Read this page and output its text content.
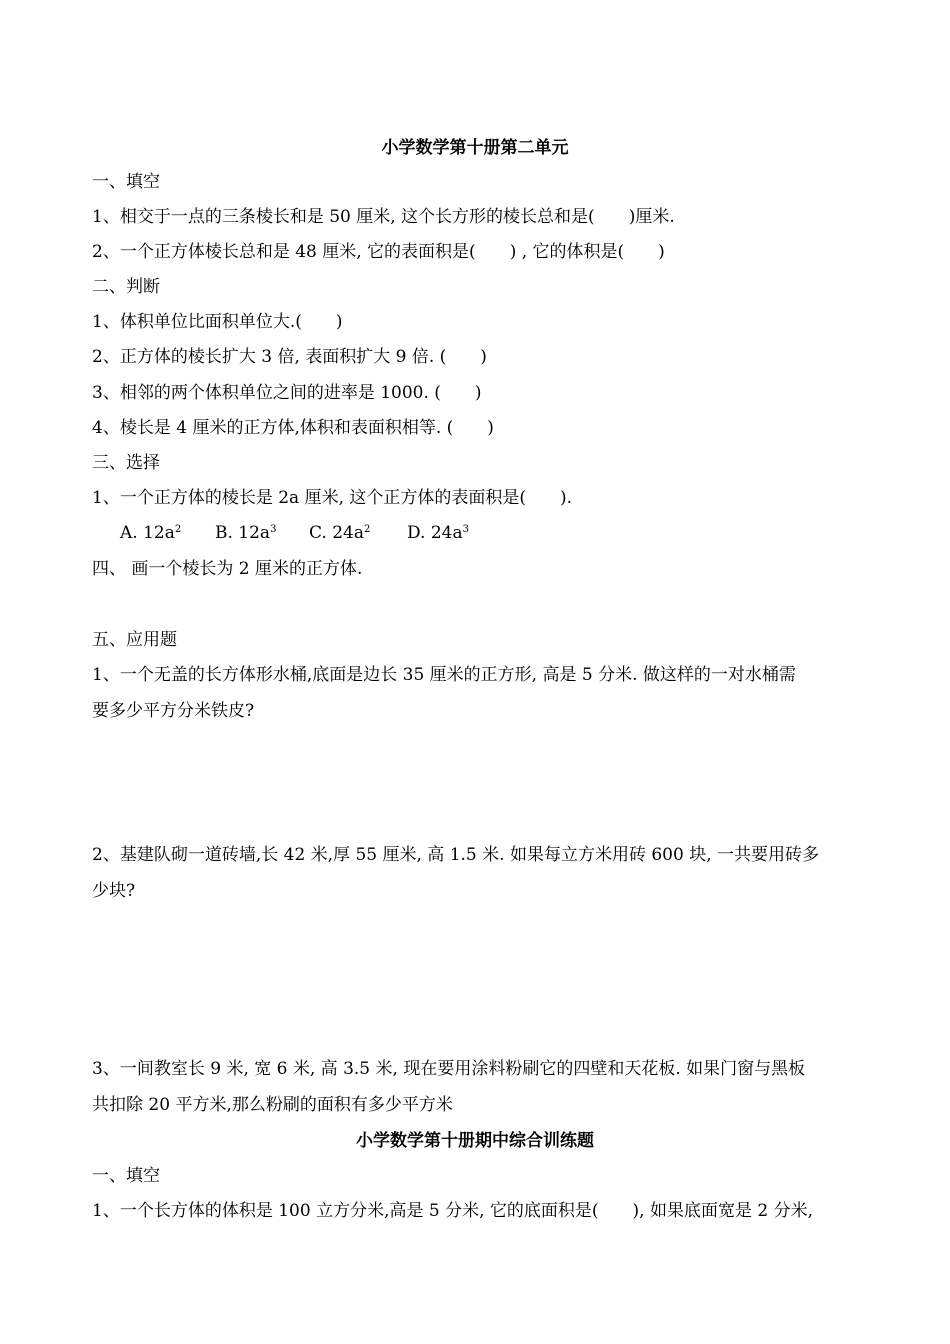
小学数学第十册第二单元
一、填空
1、相交于一点的三条棱长和是 50 厘米, 这个长方形的棱长总和是(　　)厘米.
2、一个正方体棱长总和是 48 厘米, 它的表面积是(　　) , 它的体积是(　　)
二、判断
1、体积单位比面积单位大.(　　)
2、正方体的棱长扩大 3 倍, 表面积扩大 9 倍. (　　)
3、相邻的两个体积单位之间的进率是 1000. (　　)
4、棱长是 4 厘米的正方体,体积和表面积相等. (　　)
三、选择
1、一个正方体的棱长是 2a 厘米, 这个正方体的表面积是(　　).
A. $12a^2$ B. $12a^3$ C. $24a^2$ D. $24a^3$
四、 画一个棱长为 2 厘米的正方体.
五、应用题
1、一个无盖的长方体形水桶,底面是边长 35 厘米的正方形, 高是 5 分米. 做这样的一对水桶需
要多少平方分米铁皮?
2、基建队砌一道砖墙,长 42 米,厚 55 厘米, 高 1.5 米. 如果每立方米用砖 600 块, 一共要用砖多
少块?
3、一间教室长 9 米, 宽 6 米, 高 3.5 米, 现在要用涂料粉刷它的四壁和天花板. 如果门窗与黑板
共扣除 20 平方米,那么粉刷的面积有多少平方米
小学数学第十册期中综合训练题
一、填空
1、一个长方体的体积是 100 立方分米,高是 5 分米, 它的底面积是(　　), 如果底面宽是 2 分米,
